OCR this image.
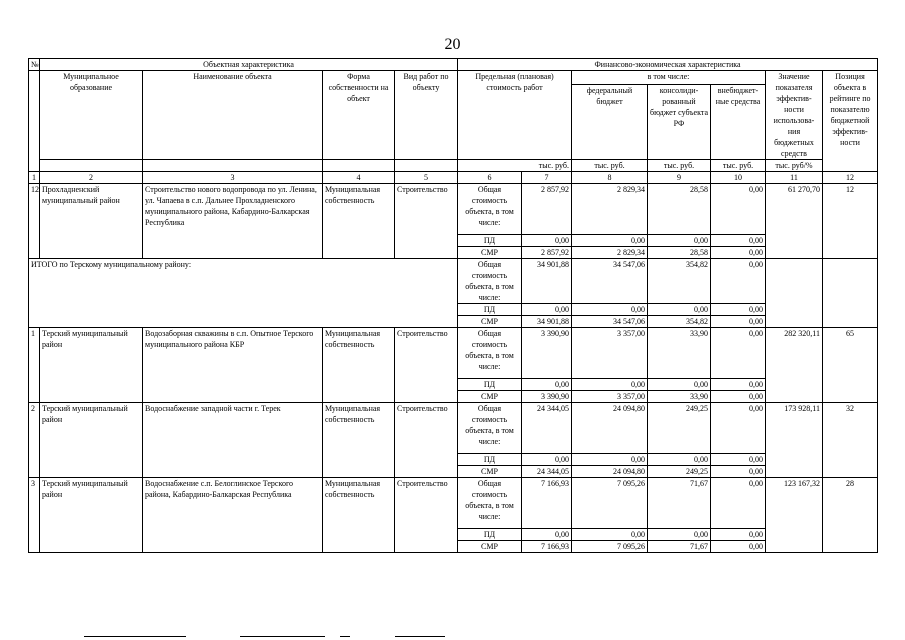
20
№	Объектная характеристика				Финансово-экономическая характеристика						
	Муниципальное образование	Наименование объекта	Форма собственности на объект	Вид работ по объекту	Предельная (плановая) стоимость работ		в том числе:			Значение показателя эффектив-ности использова-ния бюджетных средств	Позиция объекта в рейтинге по показателю бюджетной эффектив-ности
							федеральный бюджет	консолиди-рованный бюджет субъекта РФ	внебюджет-ные средства		
					тыс. руб.		тыс. руб.	тыс. руб.	тыс. руб.	тыс. руб/%	
1	2	3	4	5	6	7	8	9	10	11	12
12	Прохладненский муниципальный район	Строительство нового водопровода по ул. Ленина, ул. Чапаева в с.п. Дальнее Прохладненского муниципального района, Кабардино-Балкарская Республика	Муниципальная собственность	Строительство	Общая стоимость объекта, в том числе:	2 857,92	2 829,34	28,58	0,00	61 270,70	12
					ПД	0,00	0,00	0,00	0,00		
					СМР	2 857,92	2 829,34	28,58	0,00		
ИТОГО по Терскому муниципальному району:					Общая стоимость объекта, в том числе:	34 901,88	34 547,06	354,82	0,00		
					ПД	0,00	0,00	0,00	0,00		
					СМР	34 901,88	34 547,06	354,82	0,00		
1	Терский муниципальный район	Водозаборная скважины в с.п. Опытное Терского муниципального района КБР	Муниципальная собственность	Строительство	Общая стоимость объекта, в том числе:	3 390,90	3 357,00	33,90	0,00	282 320,11	65
					ПД	0,00	0,00	0,00	0,00		
					СМР	3 390,90	3 357,00	33,90	0,00		
2	Терский муниципальный район	Водоснабжение западной части г. Терек	Муниципальная собственность	Строительство	Общая стоимость объекта, в том числе:	24 344,05	24 094,80	249,25	0,00	173 928,11	32
					ПД	0,00	0,00	0,00	0,00		
					СМР	24 344,05	24 094,80	249,25	0,00		
3	Терский муниципальный район	Водоснабжение с.п. Белоглинское Терского района, Кабардино-Балкарская Республика	Муниципальная собственность	Строительство	Общая стоимость объекта, в том числе:	7 166,93	7 095,26	71,67	0,00	123 167,32	28
					ПД	0,00	0,00	0,00	0,00		
					СМР	7 166,93	7 095,26	71,67	0,00		
